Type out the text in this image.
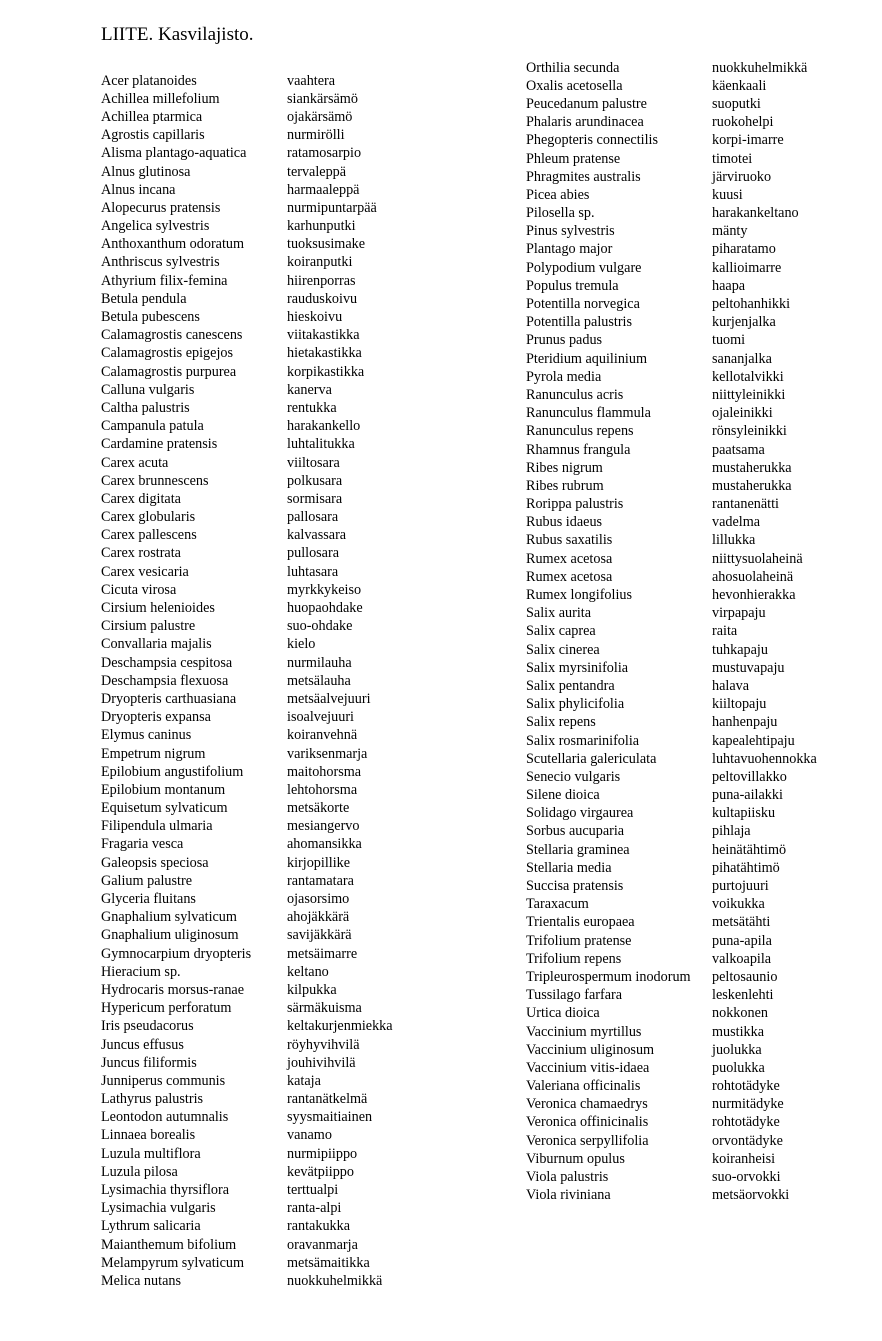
LIITE. Kasvilajisto.
Acer platanoides	vaahtera
Achillea millefolium	siankärsämö
Achillea ptarmica	ojakärsämö
Agrostis capillaris	nurmirölli
Alisma plantago-aquatica	ratamosarpio
Alnus glutinosa	tervaleppä
Alnus incana	harmaaleppä
Alopecurus pratensis	nurmipuntarpää
Angelica sylvestris	karhunputki
Anthoxanthum odoratum	tuoksusimake
Anthriscus sylvestris	koiranputki
Athyrium filix-femina	hiirenporras
Betula pendula	rauduskoivu
Betula pubescens	hieskoivu
Calamagrostis canescens	viitakastikka
Calamagrostis epigejos	hietakastikka
Calamagrostis purpurea	korpikastikka
Calluna vulgaris	kanerva
Caltha palustris	rentukka
Campanula patula	harakankello
Cardamine pratensis	luhtalitukka
Carex acuta	viiltosara
Carex brunnescens	polkusara
Carex digitata	sormisara
Carex globularis	pallosara
Carex pallescens	kalvassara
Carex rostrata	pullosara
Carex vesicaria	luhtasara
Cicuta virosa	myrkkykeiso
Cirsium helenioides	huopaohdake
Cirsium palustre	suo-ohdake
Convallaria majalis	kielo
Deschampsia cespitosa	nurmilauha
Deschampsia flexuosa	metsälauha
Dryopteris carthuasiana	metsäalvejuuri
Dryopteris expansa	isoalvejuuri
Elymus caninus	koiranvehnä
Empetrum nigrum	variksenmarja
Epilobium angustifolium	maitohorsma
Epilobium montanum	lehtohorsma
Equisetum sylvaticum	metsäkorte
Filipendula ulmaria	mesiangervo
Fragaria vesca	ahomansikka
Galeopsis speciosa	kirjopillike
Galium palustre	rantamatara
Glyceria fluitans	ojasorsimo
Gnaphalium sylvaticum	ahojäkkärä
Gnaphalium uliginosum	savijäkkärä
Gymnocarpium dryopteris	metsäimarre
Hieracium sp.	keltano
Hydrocaris morsus-ranae	kilpukka
Hypericum perforatum	särmäkuisma
Iris pseudacorus	keltakurjenmiekka
Juncus effusus	röyhyvihvilä
Juncus filiformis	jouhivihvilä
Junniperus communis	kataja
Lathyrus palustris	rantanätkelmä
Leontodon autumnalis	syysmaitiainen
Linnaea borealis	vanamo
Luzula multiflora	nurmipiippo
Luzula pilosa	kevätpiippo
Lysimachia thyrsiflora	terttualpi
Lysimachia vulgaris	ranta-alpi
Lythrum salicaria	rantakukka
Maianthemum bifolium	oravanmarja
Melampyrum sylvaticum	metsämaitikka
Melica nutans	nuokkuhelmikkä
Orthilia secunda	nuokkuhelmikkä
Oxalis acetosella	käenkaali
Peucedanum palustre	suoputki
Phalaris arundinacea	ruokohelpi
Phegopteris connectilis	korpi-imarre
Phleum pratense	timotei
Phragmites australis	järviruoko
Picea abies	kuusi
Pilosella sp.	harakankeltano
Pinus sylvestris	mänty
Plantago major	piharatamo
Polypodium vulgare	kallioimarre
Populus tremula	haapa
Potentilla norvegica	peltohanhikki
Potentilla palustris	kurjenjalka
Prunus padus	tuomi
Pteridium aquilinium	sananjalka
Pyrola media	kellotalvikki
Ranunculus acris	niittyleinikki
Ranunculus flammula	ojaleinikki
Ranunculus repens	rönsyleinikki
Rhamnus frangula	paatsama
Ribes nigrum	mustaherukka
Ribes rubrum	mustaherukka
Rorippa palustris	rantanenätti
Rubus idaeus	vadelma
Rubus saxatilis	lillukka
Rumex acetosa	niittysuolaheinä
Rumex acetosa	ahosuolaheinä
Rumex longifolius	hevonhierakka
Salix aurita	virpapaju
Salix caprea	raita
Salix cinerea	tuhkapaju
Salix myrsinifolia	mustuvapaju
Salix pentandra	halava
Salix phylicifolia	kiiltopaju
Salix repens	hanhenpaju
Salix rosmarinifolia	kapealehtipaju
Scutellaria galericulata	luhtavuohennokka
Senecio vulgaris	peltovillakko
Silene dioica	puna-ailakki
Solidago virgaurea	kultapiisku
Sorbus aucuparia	pihlaja
Stellaria graminea	heinätähtimö
Stellaria media	pihatähtimö
Succisa pratensis	purtojuuri
Taraxacum	voikukka
Trientalis europaea	metsätähti
Trifolium pratense	puna-apila
Trifolium repens	valkoapila
Tripleurospermum inodorum	peltosaunio
Tussilago farfara	leskenlehti
Urtica dioica	nokkonen
Vaccinium myrtillus	mustikka
Vaccinium uliginosum	juolukka
Vaccinium vitis-idaea	puolukka
Valeriana officinalis	rohtotädyke
Veronica chamaedrys	nurmitädyke
Veronica offinicinalis	rohtotädyke
Veronica serpyllifolia	orvontädyke
Viburnum opulus	koiranheisi
Viola palustris	suo-orvokki
Viola riviniana	metsäorvokki
